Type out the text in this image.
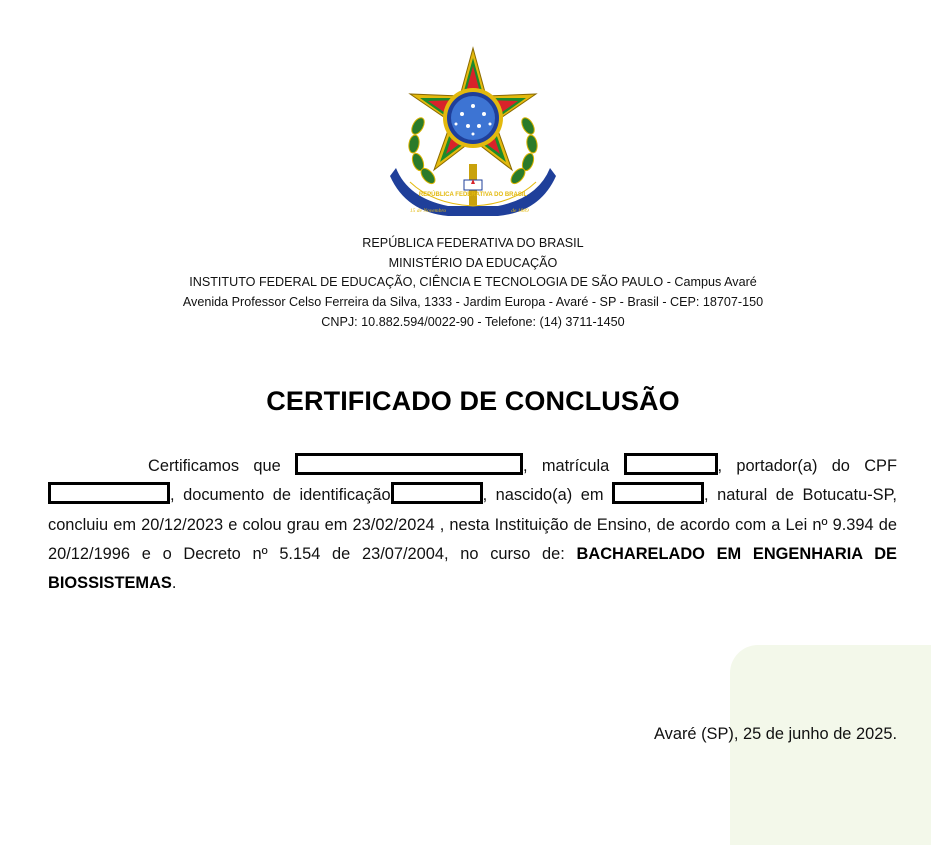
REPÚBLICA FEDERATIVA DO BRASIL
15 de Novembro	de 1889
REPÚBLICA FEDERATIVA DO BRASIL
MINISTÉRIO DA EDUCAÇÃO
INSTITUTO FEDERAL DE EDUCAÇÃO, CIÊNCIA E TECNOLOGIA DE SÃO PAULO - Campus Avaré
Avenida Professor Celso Ferreira da Silva, 1333 - Jardim Europa - Avaré - SP - Brasil - CEP: 18707-150
CNPJ: 10.882.594/0022-90 - Telefone: (14) 3711-1450
CERTIFICADO DE CONCLUSÃO
Certificamos que	, matrícula	, portador(a) do CPF , documento de identificação	, nascido(a) em	, natural de Botucatu-SP, concluiu em 20/12/2023 e colou grau em 23/02/2024 , nesta Instituição de Ensino, de acordo com a Lei nº 9.394 de 20/12/1996 e o Decreto nº 5.154 de 23/07/2004, no curso de: BACHARELADO EM ENGENHARIA DE BIOSSISTEMAS.
Avaré (SP), 25 de junho de 2025.
